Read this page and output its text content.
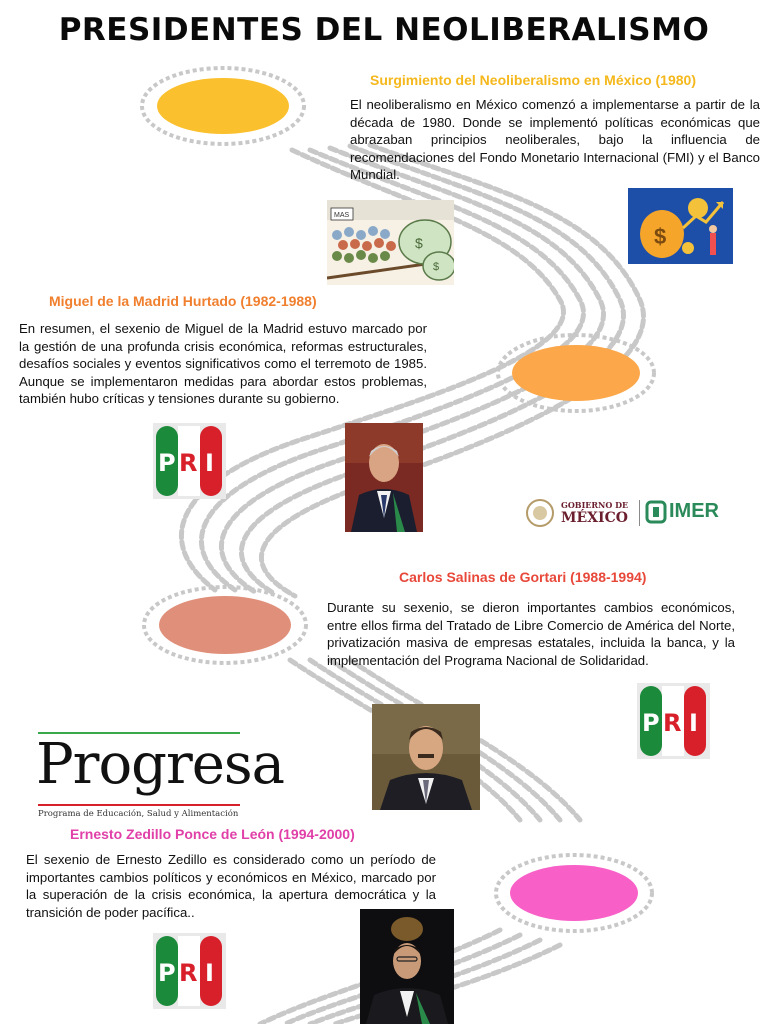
PRESIDENTES DEL NEOLIBERALISMO
Surgimiento del Neoliberalismo en México (1980)
El neoliberalismo en México comenzó a implementarse a partir de la década de 1980. Donde se implementó políticas económicas que abrazaban principios neoliberales, bajo la influencia de recomendaciones del Fondo Monetario Internacional (FMI) y el Banco Mundial.
MAS
$
$
$
Miguel de la Madrid Hurtado (1982-1988)
En resumen, el sexenio de Miguel de la Madrid estuvo marcado por la gestión de una profunda crisis económica, reformas estructurales, desafíos sociales y eventos significativos como el terremoto de 1985. Aunque se implementaron medidas para abordar estos problemas, también hubo críticas y tensiones durante su gobierno.
P R I
GOBIERNO DE
MÉXICO IMER
Carlos Salinas de Gortari (1988-1994)
Durante su sexenio, se dieron importantes cambios económicos, entre ellos firma del Tratado de Libre Comercio de América del Norte, privatización masiva de empresas estatales, incluida la banca, y la implementación del Programa Nacional de Solidaridad.
P R I
Progresa
Programa de Educación, Salud y Alimentación
Ernesto Zedillo Ponce de León (1994-2000)
El sexenio de Ernesto Zedillo es considerado como un período de importantes cambios políticos y económicos en México, marcado por la superación de la crisis económica, la apertura democrática y la transición de poder pacífica..
P R I
